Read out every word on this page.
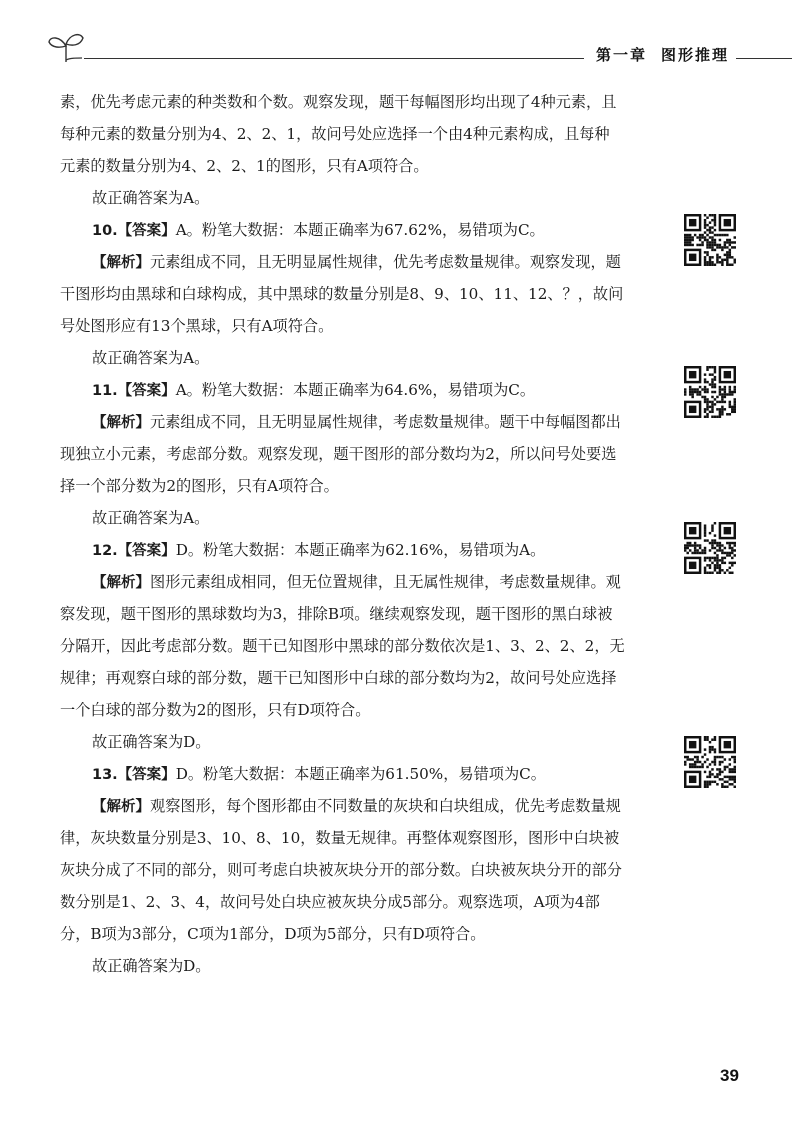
第一章 图形推理
素，优先考虑元素的种类数和个数。观察发现，题干每幅图形均出现了4种元素，且
每种元素的数量分别为4、2、2、1，故问号处应选择一个由4种元素构成，且每种
元素的数量分别为4、2、2、1的图形，只有A项符合。
故正确答案为A。
10.【答案】A。粉笔大数据：本题正确率为67.62%，易错项为C。
【解析】元素组成不同，且无明显属性规律，优先考虑数量规律。观察发现，题
干图形均由黑球和白球构成，其中黑球的数量分别是8、9、10、11、12、？，故问
号处图形应有13个黑球，只有A项符合。
故正确答案为A。
11.【答案】A。粉笔大数据：本题正确率为64.6%，易错项为C。
【解析】元素组成不同，且无明显属性规律，考虑数量规律。题干中每幅图都出
现独立小元素，考虑部分数。观察发现，题干图形的部分数均为2，所以问号处要选
择一个部分数为2的图形，只有A项符合。
故正确答案为A。
12.【答案】D。粉笔大数据：本题正确率为62.16%，易错项为A。
【解析】图形元素组成相同，但无位置规律，且无属性规律，考虑数量规律。观
察发现，题干图形的黑球数均为3，排除B项。继续观察发现，题干图形的黑白球被
分隔开，因此考虑部分数。题干已知图形中黑球的部分数依次是1、3、2、2、2，无
规律；再观察白球的部分数，题干已知图形中白球的部分数均为2，故问号处应选择
一个白球的部分数为2的图形，只有D项符合。
故正确答案为D。
13.【答案】D。粉笔大数据：本题正确率为61.50%，易错项为C。
【解析】观察图形，每个图形都由不同数量的灰块和白块组成，优先考虑数量规
律，灰块数量分别是3、10、8、10，数量无规律。再整体观察图形，图形中白块被
灰块分成了不同的部分，则可考虑白块被灰块分开的部分数。白块被灰块分开的部分
数分别是1、2、3、4，故问号处白块应被灰块分成5部分。观察选项，A项为4部
分，B项为3部分，C项为1部分，D项为5部分，只有D项符合。
故正确答案为D。
39
